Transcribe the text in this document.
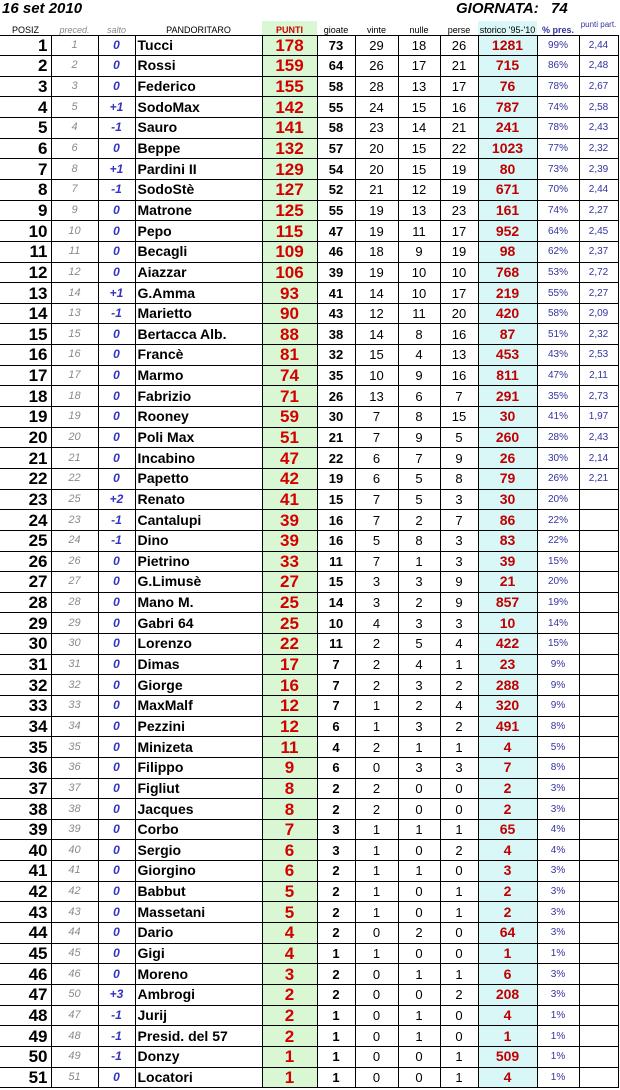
16 set 2010	GIORNATA: 74
POSIZ	preced.	salto	PANDORITARO	PUNTI	gioate	vinte	nulle	perse	storico '95-'10	% pres.	punti part.
1	1	0	Tucci	178	73	29	18	26	1281	99%	2,44
2	2	0	Rossi	159	64	26	17	21	715	86%	2,48
3	3	0	Federico	155	58	28	13	17	76	78%	2,67
4	5	+1	SodoMax	142	55	24	15	16	787	74%	2,58
5	4	-1	Sauro	141	58	23	14	21	241	78%	2,43
6	6	0	Beppe	132	57	20	15	22	1023	77%	2,32
7	8	+1	Pardini II	129	54	20	15	19	80	73%	2,39
8	7	-1	SodoStè	127	52	21	12	19	671	70%	2,44
9	9	0	Matrone	125	55	19	13	23	161	74%	2,27
10	10	0	Pepo	115	47	19	11	17	952	64%	2,45
11	11	0	Becagli	109	46	18	9	19	98	62%	2,37
12	12	0	Aiazzar	106	39	19	10	10	768	53%	2,72
13	14	+1	G.Amma	93	41	14	10	17	219	55%	2,27
14	13	-1	Marietto	90	43	12	11	20	420	58%	2,09
15	15	0	Bertacca Alb.	88	38	14	8	16	87	51%	2,32
16	16	0	Francè	81	32	15	4	13	453	43%	2,53
17	17	0	Marmo	74	35	10	9	16	811	47%	2,11
18	18	0	Fabrizio	71	26	13	6	7	291	35%	2,73
19	19	0	Rooney	59	30	7	8	15	30	41%	1,97
20	20	0	Poli Max	51	21	7	9	5	260	28%	2,43
21	21	0	Incabino	47	22	6	7	9	26	30%	2,14
22	22	0	Papetto	42	19	6	5	8	79	26%	2,21
23	25	+2	Renato	41	15	7	5	3	30	20%	
24	23	-1	Cantalupi	39	16	7	2	7	86	22%	
25	24	-1	Dino	39	16	5	8	3	83	22%	
26	26	0	Pietrino	33	11	7	1	3	39	15%	
27	27	0	G.Limusè	27	15	3	3	9	21	20%	
28	28	0	Mano M.	25	14	3	2	9	857	19%	
29	29	0	Gabri 64	25	10	4	3	3	10	14%	
30	30	0	Lorenzo	22	11	2	5	4	422	15%	
31	31	0	Dimas	17	7	2	4	1	23	9%	
32	32	0	Giorge	16	7	2	3	2	288	9%	
33	33	0	MaxMalf	12	7	1	2	4	320	9%	
34	34	0	Pezzini	12	6	1	3	2	491	8%	
35	35	0	Minizeta	11	4	2	1	1	4	5%	
36	36	0	Filippo	9	6	0	3	3	7	8%	
37	37	0	Figliut	8	2	2	0	0	2	3%	
38	38	0	Jacques	8	2	2	0	0	2	3%	
39	39	0	Corbo	7	3	1	1	1	65	4%	
40	40	0	Sergio	6	3	1	0	2	4	4%	
41	41	0	Giorgino	6	2	1	1	0	3	3%	
42	42	0	Babbut	5	2	1	0	1	2	3%	
43	43	0	Massetani	5	2	1	0	1	2	3%	
44	44	0	Dario	4	2	0	2	0	64	3%	
45	45	0	Gigi	4	1	1	0	0	1	1%	
46	46	0	Moreno	3	2	0	1	1	6	3%	
47	50	+3	Ambrogi	2	2	0	0	2	208	3%	
48	47	-1	Jurij	2	1	0	1	0	4	1%	
49	48	-1	Presid. del 57	2	1	0	1	0	1	1%	
50	49	-1	Donzy	1	1	0	0	1	509	1%	
51	51	0	Locatori	1	1	0	0	1	4	1%	
